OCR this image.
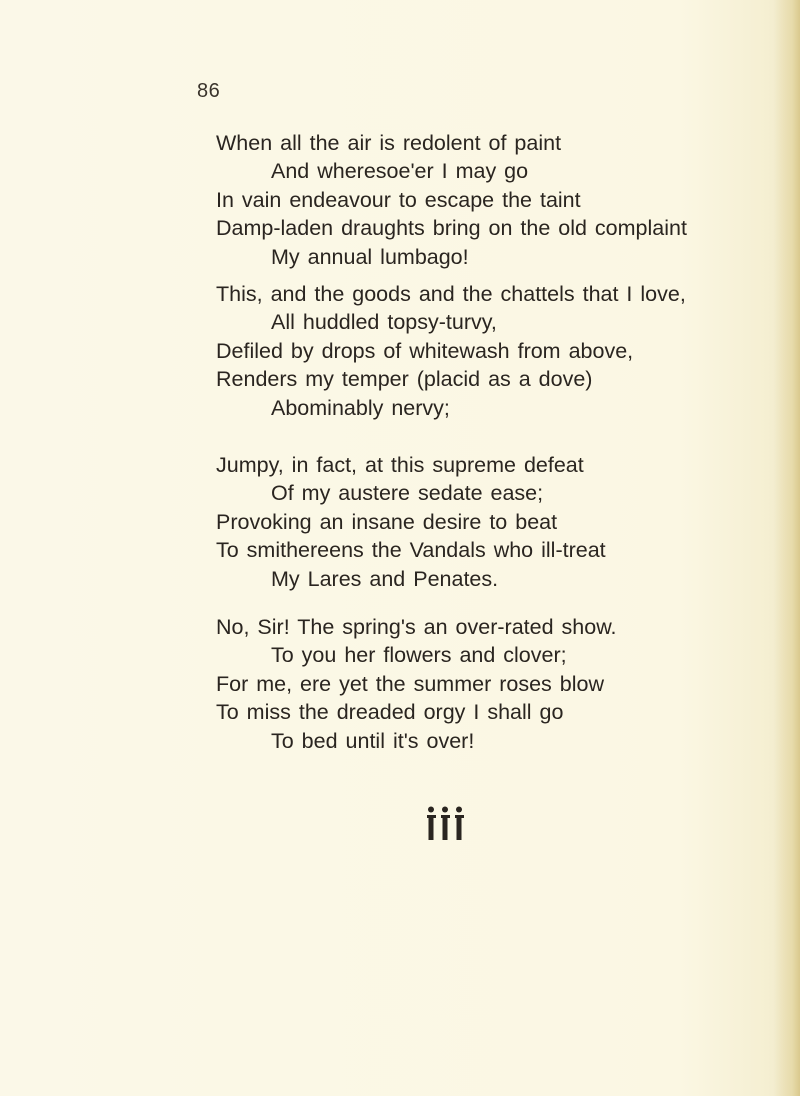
86
When all the air is redolent of paint
And wheresoe'er I may go
In vain endeavour to escape the taint
Damp-laden draughts bring on the old complaint
My annual lumbago!
This, and the goods and the chattels that I love,
All huddled topsy-turvy,
Defiled by drops of whitewash from above,
Renders my temper (placid as a dove)
Abominably nervy;
Jumpy, in fact, at this supreme defeat
Of my austere sedate ease;
Provoking an insane desire to beat
To smithereens the Vandals who ill-treat
My Lares and Penates.
No, Sir! The spring's an over-rated show.
To you her flowers and clover;
For me, ere yet the summer roses blow
To miss the dreaded orgy I shall go
To bed until it's over!
